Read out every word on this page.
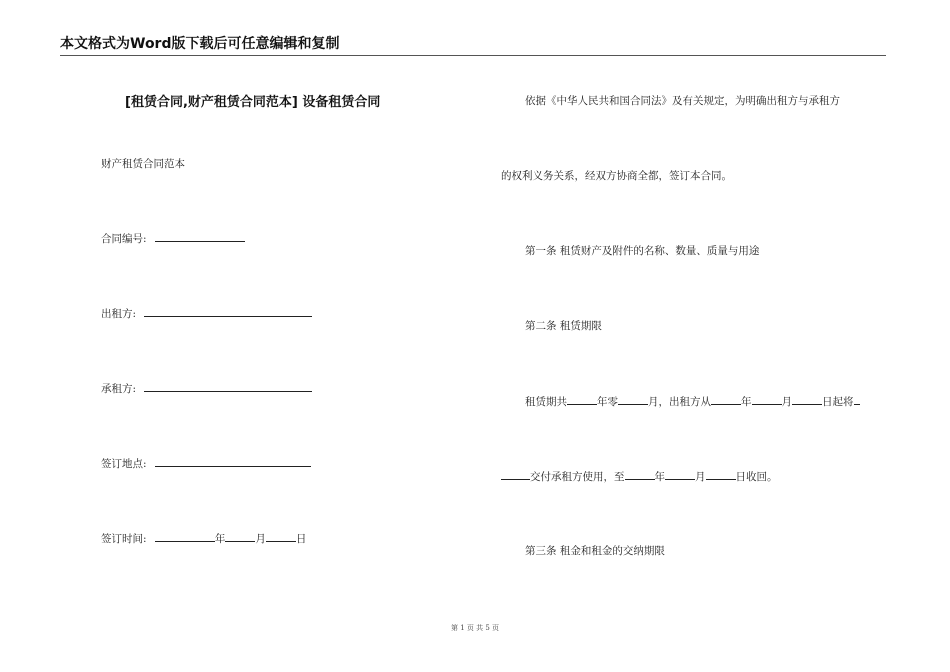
本文格式为Word版下载后可任意编辑和复制
[租赁合同,财产租赁合同范本] 设备租赁合同
财产租赁合同范本
合同编号:
出租方:
承租方:
签订地点:
签订时间:	年	月	日
依据《中华人民共和国合同法》及有关规定，为明确出租方与承租方
的权利义务关系，经双方协商全都，签订本合同。
第一条 租赁财产及附件的名称、数量、质量与用途
第二条 租赁期限
租赁期共	年零	月，出租方从	年	月	日起将
交付承租方使用，至	年	月	日收回。
第三条 租金和租金的交纳期限
第 1 页 共 5 页
